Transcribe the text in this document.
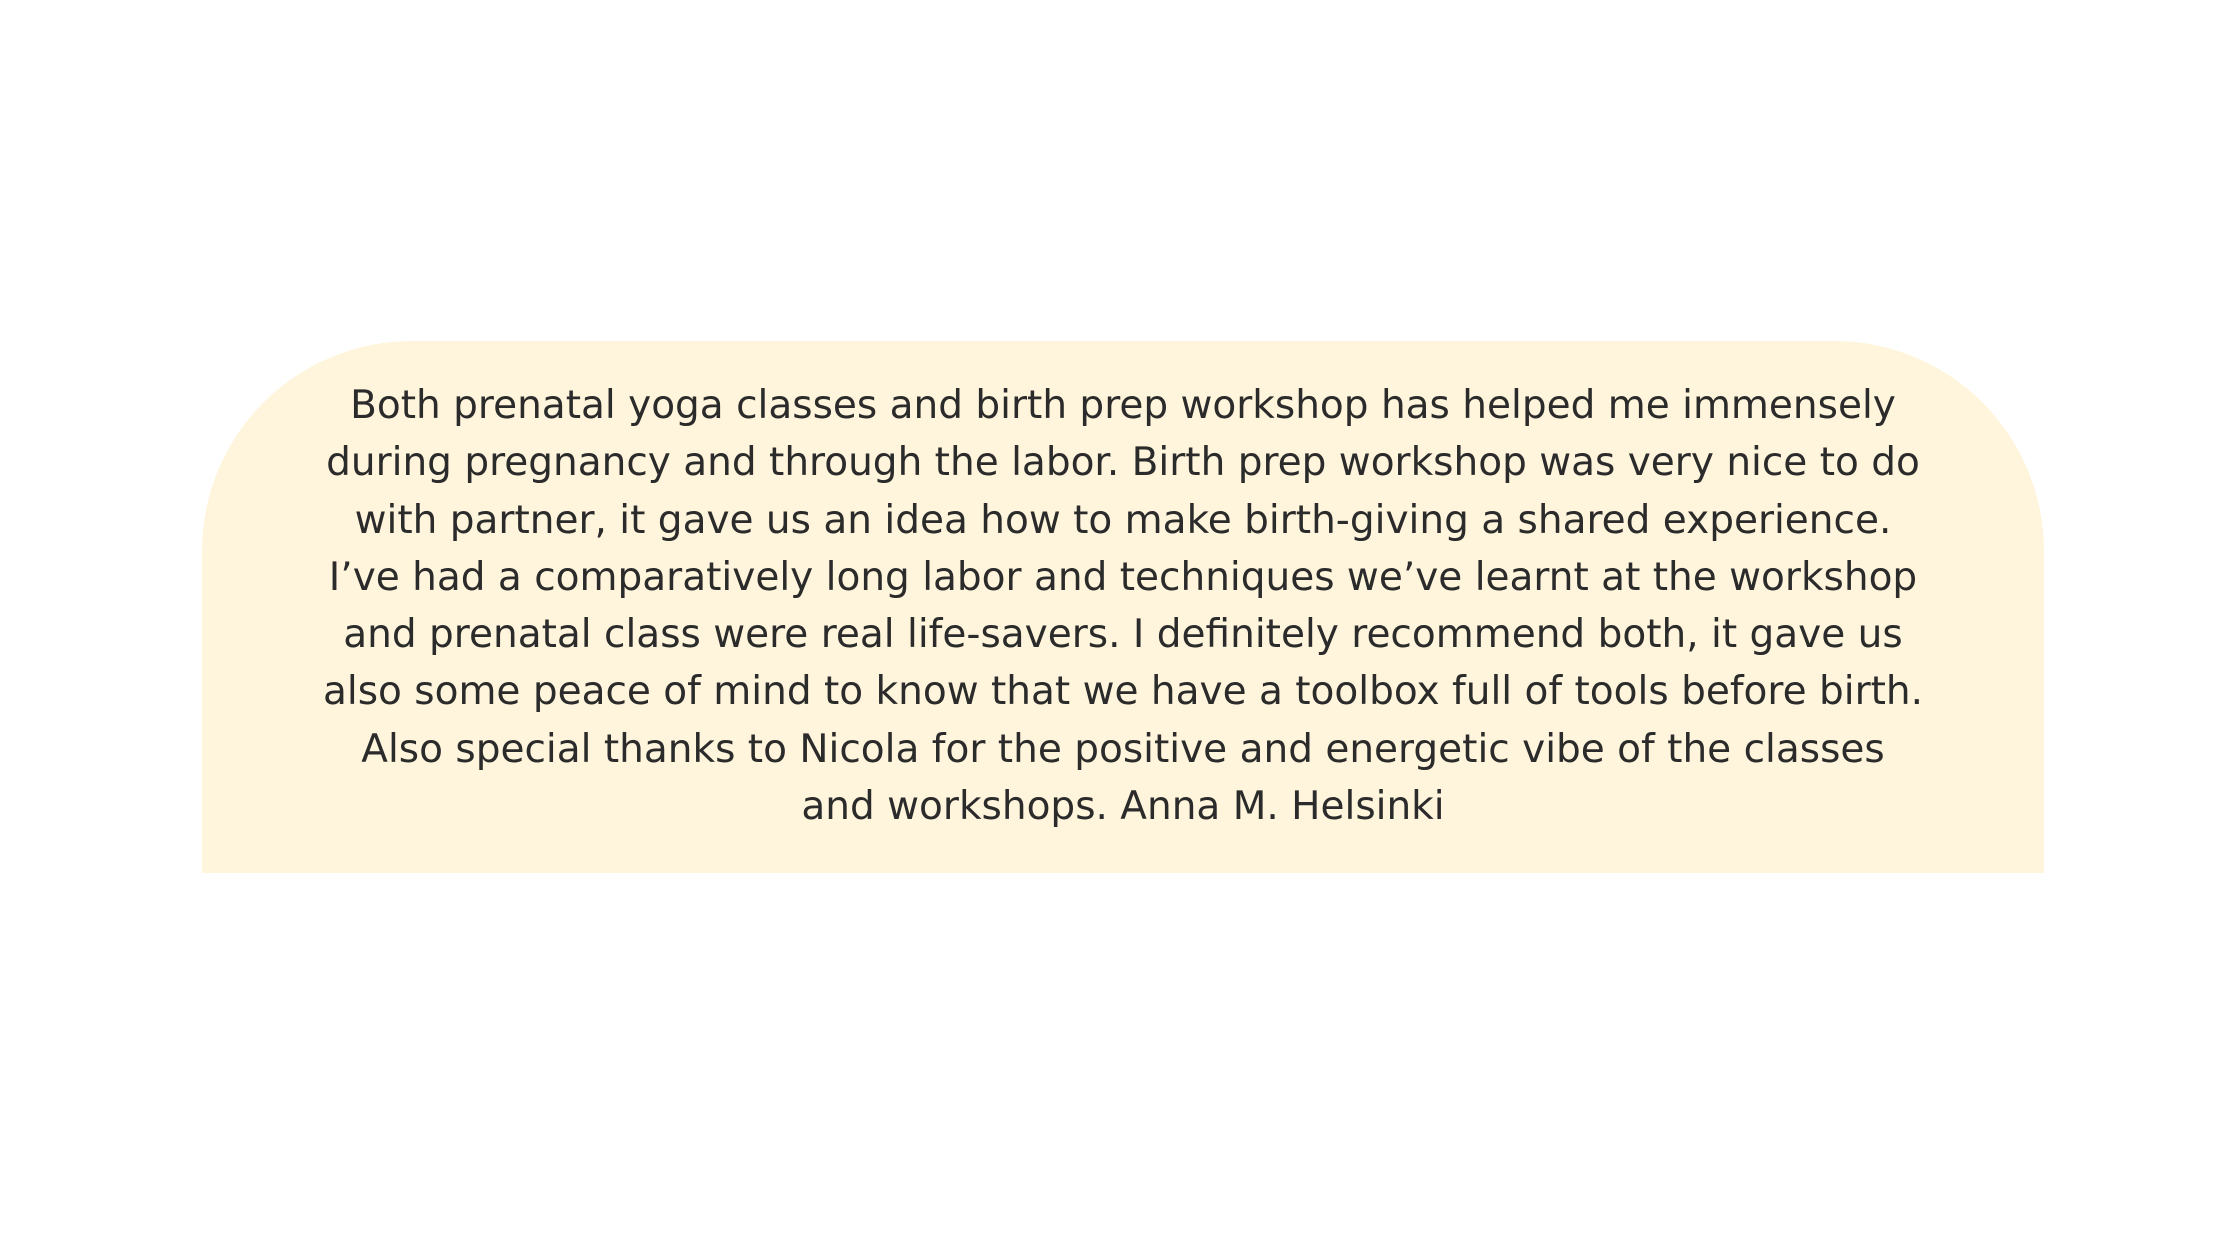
Both prenatal yoga classes and birth prep workshop has helped me immensely during pregnancy and through the labor. Birth prep workshop was very nice to do with partner, it gave us an idea how to make birth-giving a shared experience. I’ve had a comparatively long labor and techniques we’ve learnt at the workshop and prenatal class were real life-savers. I definitely recommend both, it gave us also some peace of mind to know that we have a toolbox full of tools before birth. Also special thanks to Nicola for the positive and energetic vibe of the classes and workshops. Anna M. Helsinki
